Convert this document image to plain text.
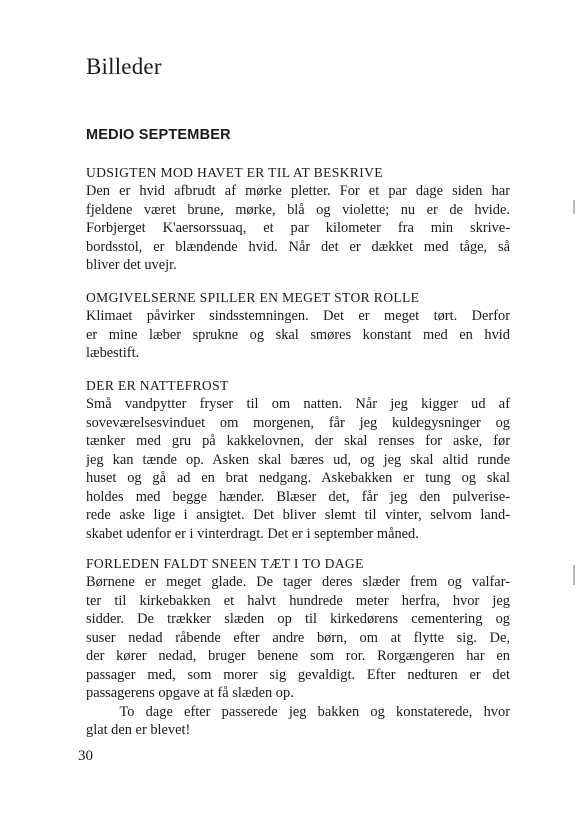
Billeder
MEDIO SEPTEMBER
UDSIGTEN MOD HAVET ER TIL AT BESKRIVE
Den er hvid afbrudt af mørke pletter. For et par dage siden har
fjeldene været brune, mørke, blå og violette; nu er de hvide.
Forbjerget K'aersorssuaq, et par kilometer fra min skrive-
bordsstol, er blændende hvid. Når det er dækket med tåge, så
bliver det uvejr.
OMGIVELSERNE SPILLER EN MEGET STOR ROLLE
Klimaet påvirker sindsstemningen. Det er meget tørt. Derfor
er mine læber sprukne og skal smøres konstant med en hvid
læbestift.
DER ER NATTEFROST
Små vandpytter fryser til om natten. Når jeg kigger ud af
soveværelsesvinduet om morgenen, får jeg kuldegysninger og
tænker med gru på kakkelovnen, der skal renses for aske, før
jeg kan tænde op. Asken skal bæres ud, og jeg skal altid runde
huset og gå ad en brat nedgang. Askebakken er tung og skal
holdes med begge hænder. Blæser det, får jeg den pulverise-
rede aske lige i ansigtet. Det bliver slemt til vinter, selvom land-
skabet udenfor er i vinterdragt. Det er i september måned.
FORLEDEN FALDT SNEEN TÆT I TO DAGE
Børnene er meget glade. De tager deres slæder frem og valfar-
ter til kirkebakken et halvt hundrede meter herfra, hvor jeg
sidder. De trækker slæden op til kirkedørens cementering og
suser nedad råbende efter andre børn, om at flytte sig. De,
der kører nedad, bruger benene som ror. Rorgængeren har en
passager med, som morer sig gevaldigt. Efter nedturen er det
passagerens opgave at få slæden op.
To dage efter passerede jeg bakken og konstaterede, hvor
glat den er blevet!
30
